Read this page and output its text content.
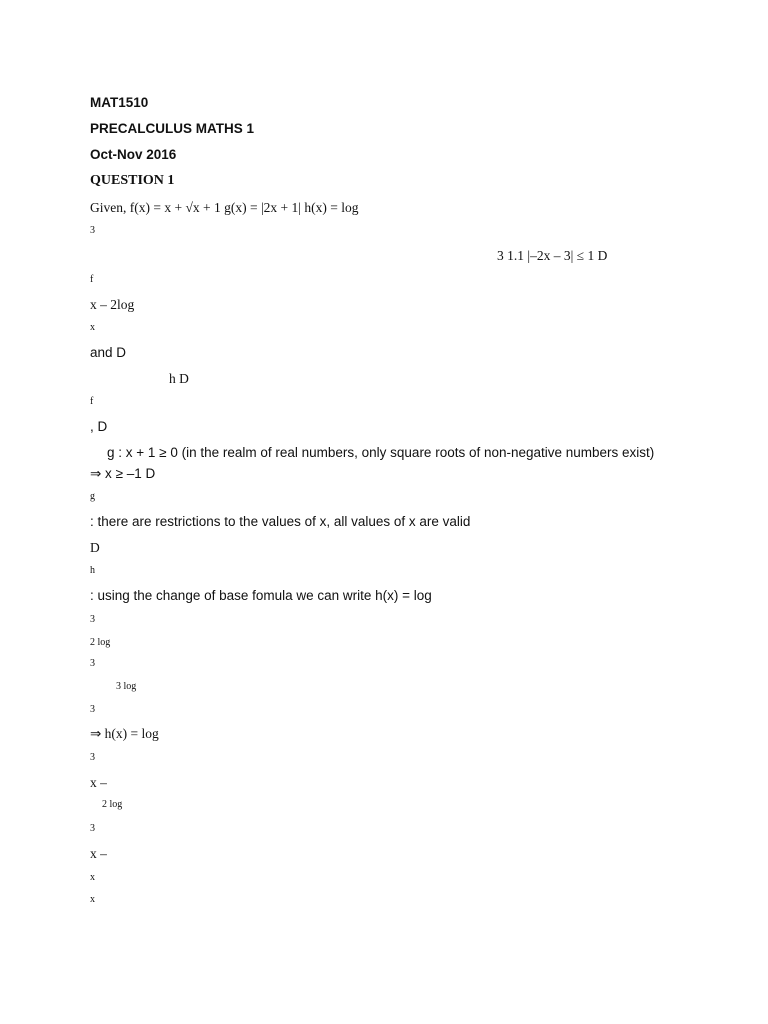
MAT1510
PRECALCULUS MATHS 1
Oct-Nov 2016
QUESTION 1
Given, f(x) = x + √x + 1 g(x) = |2x + 1| h(x) = log
3
3 1.1 |–2x – 3| ≤ 1 D
f
x – 2log
x
and D
h D
f
, D
g : x + 1 ≥ 0 (in the realm of real numbers, only square roots of non-negative numbers exist)
⇒ x ≥ –1 D
g
: there are restrictions to the values of x, all values of x are valid
D
h
: using the change of base fomula we can write h(x) = log
3
2 log
3
3 log
3
⇒ h(x) = log
3
x –
2 log
3
x –
x
x
